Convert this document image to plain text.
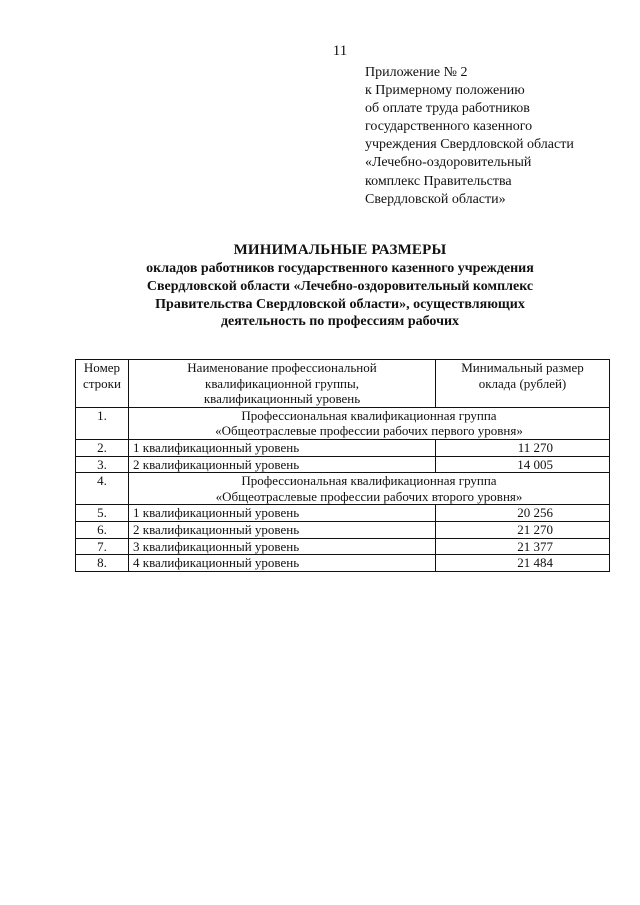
11
Приложение № 2
к Примерному положению
об оплате труда работников
государственного казенного
учреждения Свердловской области
«Лечебно-оздоровительный
комплекс Правительства
Свердловской области»
МИНИМАЛЬНЫЕ РАЗМЕРЫ
окладов работников государственного казенного учреждения
Свердловской области «Лечебно-оздоровительный комплекс
Правительства Свердловской области», осуществляющих
деятельность по профессиям рабочих
Номер
строки	Наименование профессиональной
квалификационной группы,
квалификационный уровень	Минимальный размер
оклада (рублей)

1.	Профессиональная квалификационная группа
«Общеотраслевые профессии рабочих первого уровня»	

2.	1 квалификационный уровень	11 270
3.	2 квалификационный уровень	14 005
4.	Профессиональная квалификационная группа
«Общеотраслевые профессии рабочих второго уровня»	

5.	1 квалификационный уровень	20 256
6.	2 квалификационный уровень	21 270
7.	3 квалификационный уровень	21 377
8.	4 квалификационный уровень	21 484
